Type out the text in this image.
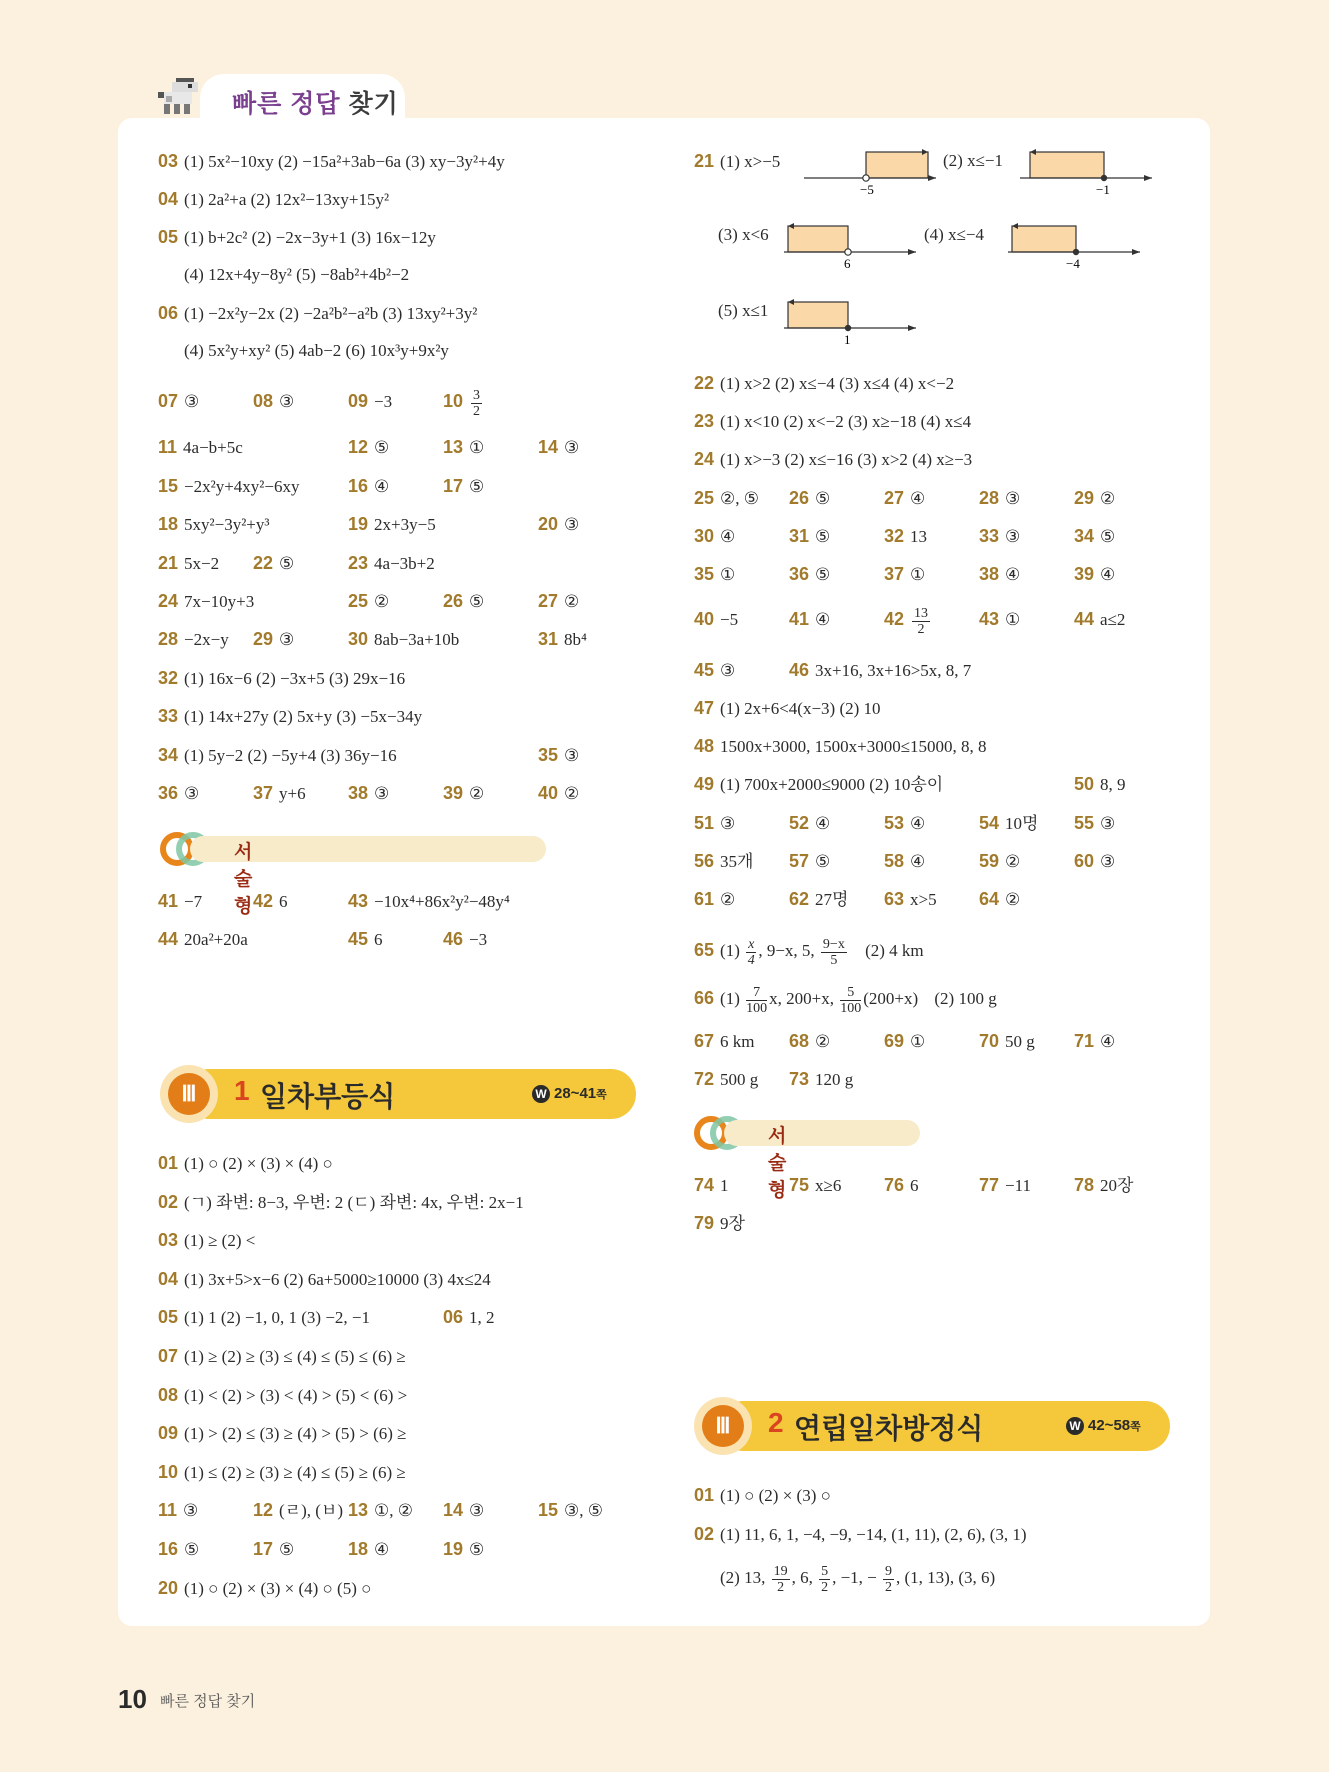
빠른 정답 찾기
03 (1) 5x²−10xy (2) −15a²+3ab−6a (3) xy−3y²+4y
04 (1) 2a²+a (2) 12x²−13xy+15y²
05 (1) b+2c² (2) −2x−3y+1 (3) 16x−12y
(4) 12x+4y−8y² (5) −8ab²+4b²−2
06 (1) −2x²y−2x (2) −2a²b²−a²b (3) 13xy²+3y²
(4) 5x²y+xy² (5) 4ab−2 (6) 10x³y+9x²y
07 ③	08 ③	09 −3	$10 \frac{3}{2}$
11 4a−b+5c	12 ⑤	13 ①	14 ③
15 −2x²y+4xy²−6xy	16 ④	17 ⑤
18 5xy²−3y²+y³	19 2x+3y−5	20 ③
21 5x−2 22 ⑤	23 4a−3b+2
24 7x−10y+3	25 ②	26 ⑤	27 ②
28 −2x−y 29 ③	30 8ab−3a+10b	31 8b⁴
32 (1) 16x−6 (2) −3x+5 (3) 29x−16
33 (1) 14x+27y (2) 5x+y (3) −5x−34y
34 (1) 5y−2 (2) −5y+4 (3) 36y−16	35 ③
36 ③	37 y+6 38 ③	39 ②	40 ②
서술형
41 −7	42 6	43 −10x⁴+86x²y²−48y⁴
44 20a²+20a	45 6	46 −3
Ⅲ	1 일차부등식	W 28~41쪽
01 (1) ○ (2) × (3) × (4) ○
02 (ㄱ) 좌변: 8−3, 우변: 2 (ㄷ) 좌변: 4x, 우변: 2x−1
03 (1) ≥ (2) <
04 (1) 3x+5>x−6 (2) 6a+5000≥10000 (3) 4x≤24
05 (1) 1 (2) −1, 0, 1 (3) −2, −1	06 1, 2
07 (1) ≥ (2) ≥ (3) ≤ (4) ≤ (5) ≤ (6) ≥
08 (1) < (2) > (3) < (4) > (5) < (6) >
09 (1) > (2) ≤ (3) ≥ (4) > (5) > (6) ≥
10 (1) ≤ (2) ≥ (3) ≥ (4) ≤ (5) ≥ (6) ≥
11 ③	12 (ㄹ), (ㅂ) 13 ①, ② 14 ③	15 ③, ⑤
16 ⑤	17 ⑤	18 ④	19 ⑤
20 (1) ○ (2) × (3) × (4) ○ (5) ○
21 (1) x>−5	(2) x≤−1
(3) x<6	(4) x≤−4
(5) x≤1
−5	−1
6	−4
1
22 (1) x>2 (2) x≤−4 (3) x≤4 (4) x<−2
23 (1) x<10 (2) x<−2 (3) x≥−18 (4) x≤4
24 (1) x>−3 (2) x≤−16 (3) x>2 (4) x≥−3
25 ②, ⑤ 26 ⑤	27 ④	28 ③	29 ②
30 ④	31 ⑤	32 13	33 ③	34 ⑤
35 ①	36 ⑤	37 ①	38 ④	39 ④
40 −5	41 ④	$42 \frac{13}{2}$	43 ①	44 a≤2
45 ③	46 3x+16, 3x+16>5x, 8, 7
47 (1) 2x+6<4(x−3) (2) 10
48 1500x+3000, 1500x+3000≤15000, 8, 8
49 (1) 700x+2000≤9000 (2) 10송이	50 8, 9
51 ③	52 ④	53 ④	54 10명 55 ③
56 35개 57 ⑤	58 ④	59 ②	60 ③
61 ②	62 27명 63 x>5 64 ②
65 $(1) \frac{x}{4}$ , 9−x, 5, $\frac{9-x}{5} (2)$ 4 km
66 $(1) \frac{7}{100} x$, 200+x, $\frac{5}{100} (200+x)$ (2) 100 g
67 6 km 68 ②	69 ①	70 50 g 71 ④
72 500 g 73 120 g
서술형
74 1	75 x≥6 76 6	77 −11 78 20장
79 9장
Ⅲ	2 연립일차방정식	W 42~58쪽
01 (1) ○ (2) × (3) ○
02 (1) 11, 6, 1, −4, −9, −14, (1, 11), (2, 6), (3, 1)
(2) 13, $\frac{19}{2}$ , 6, $\frac{5}{2}$ , −1, − $\frac{9}{2}$ , (1, 13), (3, 6)
10 빠른 정답 찾기
